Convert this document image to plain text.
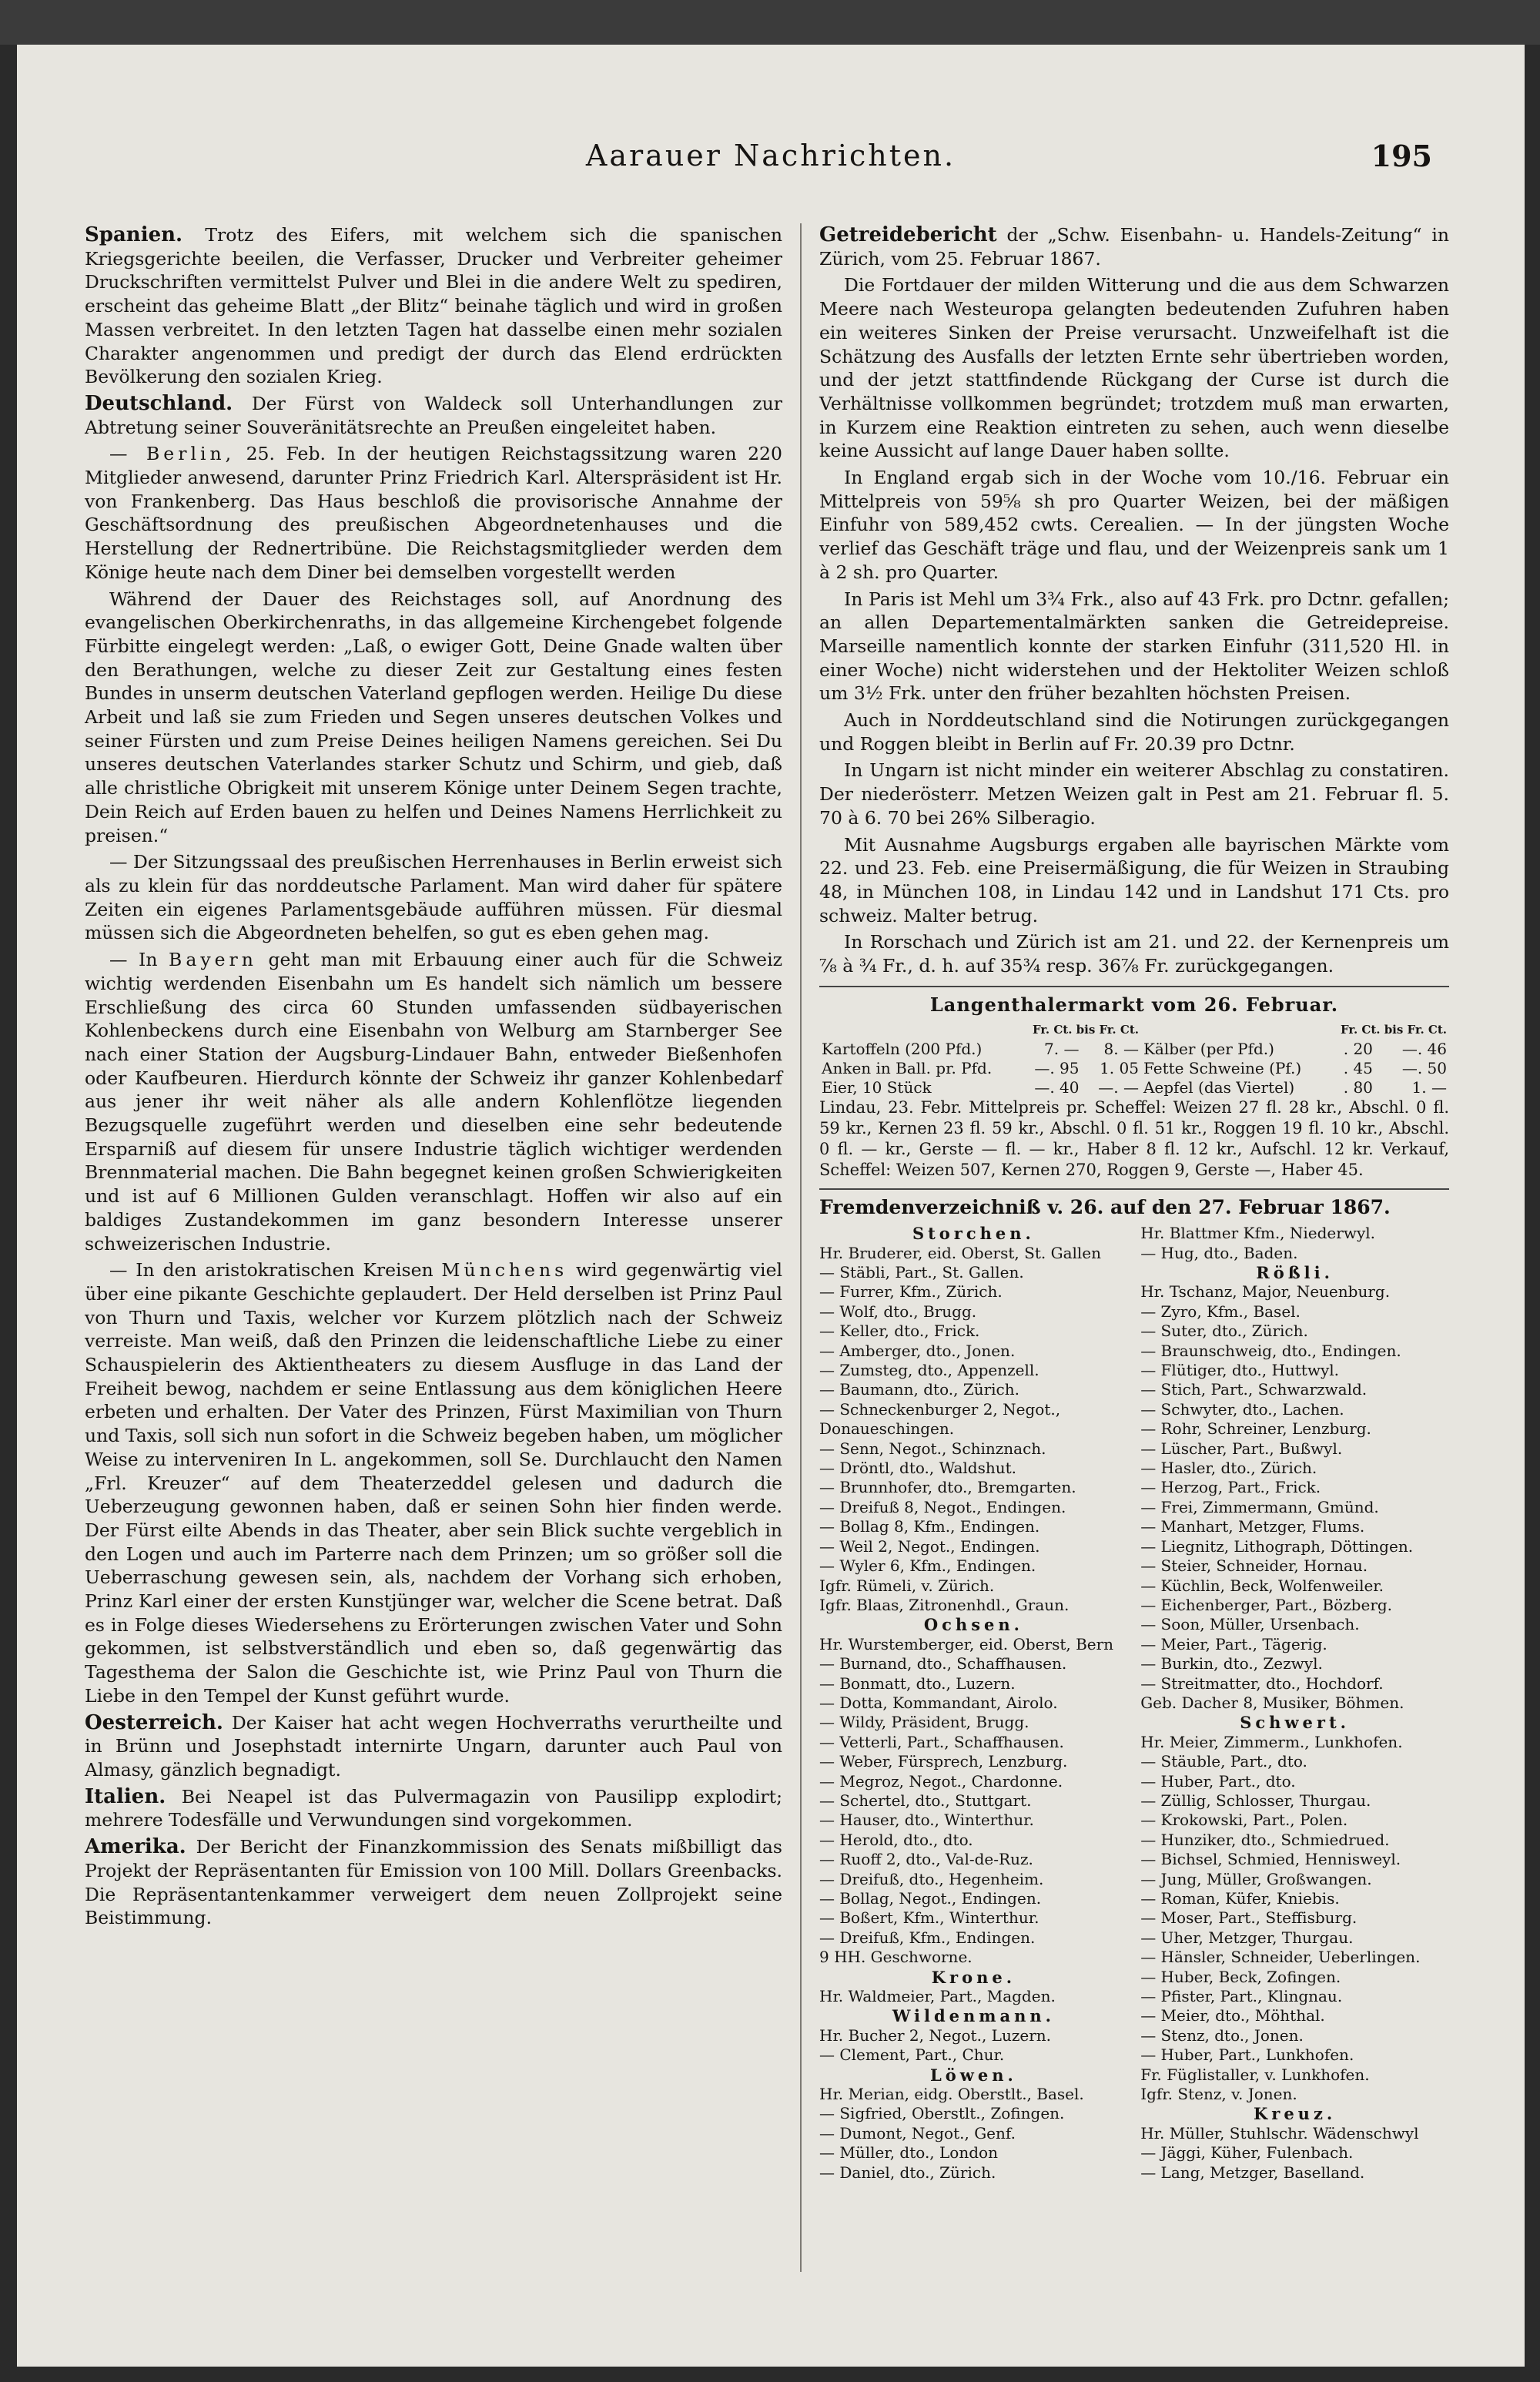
Aarauer Nachrichten.	195

Spanien. Trotz des Eifers, mit welchem sich die spanischen Kriegsgerichte beeilen, die Verfasser, Drucker und Verbreiter geheimer Druckschriften vermittelst Pulver und Blei in die andere Welt zu spediren, erscheint das geheime Blatt „der Blitz“ beinahe täglich und wird in großen Massen verbreitet. In den letzten Tagen hat dasselbe einen mehr sozialen Charakter angenommen und predigt der durch das Elend erdrückten Bevölkerung den sozialen Krieg.

Deutschland. Der Fürst von Waldeck soll Unterhandlungen zur Abtretung seiner Souveränitätsrechte an Preußen eingeleitet haben.

— Berlin, 25. Feb. In der heutigen Reichstagssitzung waren 220 Mitglieder anwesend, darunter Prinz Friedrich Karl. Alterspräsident ist Hr. von Frankenberg. Das Haus beschloß die provisorische Annahme der Geschäftsordnung des preußischen Abgeordnetenhauses und die Herstellung der Rednertribüne. Die Reichstagsmitglieder werden dem Könige heute nach dem Diner bei demselben vorgestellt werden

Während der Dauer des Reichstages soll, auf Anordnung des evangelischen Oberkirchenraths, in das allgemeine Kirchengebet folgende Fürbitte eingelegt werden: „Laß, o ewiger Gott, Deine Gnade walten über den Berathungen, welche zu dieser Zeit zur Gestaltung eines festen Bundes in unserm deutschen Vaterland gepflogen werden. Heilige Du diese Arbeit und laß sie zum Frieden und Segen unseres deutschen Volkes und seiner Fürsten und zum Preise Deines heiligen Namens gereichen. Sei Du unseres deutschen Vaterlandes starker Schutz und Schirm, und gieb, daß alle christliche Obrigkeit mit unserem Könige unter Deinem Segen trachte, Dein Reich auf Erden bauen zu helfen und Deines Namens Herrlichkeit zu preisen.“

— Der Sitzungssaal des preußischen Herrenhauses in Berlin erweist sich als zu klein für das norddeutsche Parlament. Man wird daher für spätere Zeiten ein eigenes Parlamentsgebäude aufführen müssen. Für diesmal müssen sich die Abgeordneten behelfen, so gut es eben gehen mag.

— In Bayern geht man mit Erbauung einer auch für die Schweiz wichtig werdenden Eisenbahn um Es handelt sich nämlich um bessere Erschließung des circa 60 Stunden umfassenden südbayerischen Kohlenbeckens durch eine Eisenbahn von Welburg am Starnberger See nach einer Station der Augsburg-Lindauer Bahn, entweder Bießenhofen oder Kaufbeuren. Hierdurch könnte der Schweiz ihr ganzer Kohlenbedarf aus jener ihr weit näher als alle andern Kohlenflötze liegenden Bezugsquelle zugeführt werden und dieselben eine sehr bedeutende Ersparniß auf diesem für unsere Industrie täglich wichtiger werdenden Brennmaterial machen. Die Bahn begegnet keinen großen Schwierigkeiten und ist auf 6 Millionen Gulden veranschlagt. Hoffen wir also auf ein baldiges Zustandekommen im ganz besondern Interesse unserer schweizerischen Industrie.

— In den aristokratischen Kreisen Münchens wird gegenwärtig viel über eine pikante Geschichte geplaudert. Der Held derselben ist Prinz Paul von Thurn und Taxis, welcher vor Kurzem plötzlich nach der Schweiz verreiste. Man weiß, daß den Prinzen die leidenschaftliche Liebe zu einer Schauspielerin des Aktientheaters zu diesem Ausfluge in das Land der Freiheit bewog, nachdem er seine Entlassung aus dem königlichen Heere erbeten und erhalten. Der Vater des Prinzen, Fürst Maximilian von Thurn und Taxis, soll sich nun sofort in die Schweiz begeben haben, um möglicher Weise zu interveniren In L. angekommen, soll Se. Durchlaucht den Namen „Frl. Kreuzer“ auf dem Theaterzeddel gelesen und dadurch die Ueberzeugung gewonnen haben, daß er seinen Sohn hier finden werde. Der Fürst eilte Abends in das Theater, aber sein Blick suchte vergeblich in den Logen und auch im Parterre nach dem Prinzen; um so größer soll die Ueberraschung gewesen sein, als, nachdem der Vorhang sich erhoben, Prinz Karl einer der ersten Kunstjünger war, welcher die Scene betrat. Daß es in Folge dieses Wiedersehens zu Erörterungen zwischen Vater und Sohn gekommen, ist selbstverständlich und eben so, daß gegenwärtig das Tagesthema der Salon die Geschichte ist, wie Prinz Paul von Thurn die Liebe in den Tempel der Kunst geführt wurde.

Oesterreich. Der Kaiser hat acht wegen Hochverraths verurtheilte und in Brünn und Josephstadt internirte Ungarn, darunter auch Paul von Almasy, gänzlich begnadigt.

Italien. Bei Neapel ist das Pulvermagazin von Pausilipp explodirt; mehrere Todesfälle und Verwundungen sind vorgekommen.

Amerika. Der Bericht der Finanzkommission des Senats mißbilligt das Projekt der Repräsentanten für Emission von 100 Mill. Dollars Greenbacks. Die Repräsentantenkammer verweigert dem neuen Zollprojekt seine Beistimmung.

Getreidebericht der „Schw. Eisenbahn- u. Handels-Zeitung“ in Zürich, vom 25. Februar 1867.

Die Fortdauer der milden Witterung und die aus dem Schwarzen Meere nach Westeuropa gelangten bedeutenden Zufuhren haben ein weiteres Sinken der Preise verursacht. Unzweifelhaft ist die Schätzung des Ausfalls der letzten Ernte sehr übertrieben worden, und der jetzt stattfindende Rückgang der Curse ist durch die Verhältnisse vollkommen begründet; trotzdem muß man erwarten, in Kurzem eine Reaktion eintreten zu sehen, auch wenn dieselbe keine Aussicht auf lange Dauer haben sollte.

In England ergab sich in der Woche vom 10./16. Februar ein Mittelpreis von 59⅝ sh pro Quarter Weizen, bei der mäßigen Einfuhr von 589,452 cwts. Cerealien. — In der jüngsten Woche verlief das Geschäft träge und flau, und der Weizenpreis sank um 1 à 2 sh. pro Quarter.

In Paris ist Mehl um 3¾ Frk., also auf 43 Frk. pro Dctnr. gefallen; an allen Departementalmärkten sanken die Getreidepreise. Marseille namentlich konnte der starken Einfuhr (311,520 Hl. in einer Woche) nicht widerstehen und der Hektoliter Weizen schloß um 3½ Frk. unter den früher bezahlten höchsten Preisen.

Auch in Norddeutschland sind die Notirungen zurückgegangen und Roggen bleibt in Berlin auf Fr. 20.39 pro Dctnr.

In Ungarn ist nicht minder ein weiterer Abschlag zu constatiren. Der niederösterr. Metzen Weizen galt in Pest am 21. Februar fl. 5. 70 à 6. 70 bei 26% Silberagio.

Mit Ausnahme Augsburgs ergaben alle bayrischen Märkte vom 22. und 23. Feb. eine Preisermäßigung, die für Weizen in Straubing 48, in München 108, in Lindau 142 und in Landshut 171 Cts. pro schweiz. Malter betrug.

In Rorschach und Zürich ist am 21. und 22. der Kernenpreis um ⅞ à ¾ Fr., d. h. auf 35¾ resp. 36⅞ Fr. zurückgegangen.

Langenthalermarkt vom 26. Februar.
	Fr. Ct. bis Fr. Ct.			Fr. Ct. bis Fr. Ct.	
Kartoffeln (200 Pfd.)	7. —	8. —	Kälber (per Pfd.)	. 20	—. 46
Anken in Ball. pr. Pfd.	—. 95	1. 05	Fette Schweine (Pf.)	. 45	—. 50
Eier, 10 Stück	—. 40	—. —	Aepfel (das Viertel)	. 80	1. —

Lindau, 23. Febr. Mittelpreis pr. Scheffel: Weizen 27 fl. 28 kr., Abschl. 0 fl. 59 kr., Kernen 23 fl. 59 kr., Abschl. 0 fl. 51 kr., Roggen 19 fl. 10 kr., Abschl. 0 fl. — kr., Gerste — fl. — kr., Haber 8 fl. 12 kr., Aufschl. 12 kr. Verkauf, Scheffel: Weizen 507, Kernen 270, Roggen 9, Gerste —, Haber 45.

Fremdenverzeichniß v. 26. auf den 27. Februar 1867.
Storchen.
Hr. Bruderer, eid. Oberst, St. Gallen
— Stäbli, Part., St. Gallen.
— Furrer, Kfm., Zürich.
— Wolf, dto., Brugg.
— Keller, dto., Frick.
— Amberger, dto., Jonen.
— Zumsteg, dto., Appenzell.
— Baumann, dto., Zürich.
— Schneckenburger 2, Negot.,
Donaueschingen.
— Senn, Negot., Schinznach.
— Dröntl, dto., Waldshut.
— Brunnhofer, dto., Bremgarten.
— Dreifuß 8, Negot., Endingen.
— Bollag 8, Kfm., Endingen.
— Weil 2, Negot., Endingen.
— Wyler 6, Kfm., Endingen.
Igfr. Rümeli, v. Zürich.
Igfr. Blaas, Zitronenhdl., Graun.
Ochsen.
Hr. Wurstemberger, eid. Oberst, Bern
— Burnand, dto., Schaffhausen.
— Bonmatt, dto., Luzern.
— Dotta, Kommandant, Airolo.
— Wildy, Präsident, Brugg.
— Vetterli, Part., Schaffhausen.
— Weber, Fürsprech, Lenzburg.
— Megroz, Negot., Chardonne.
— Schertel, dto., Stuttgart.
— Hauser, dto., Winterthur.
— Herold, dto., dto.
— Ruoff 2, dto., Val-de-Ruz.
— Dreifuß, dto., Hegenheim.
— Bollag, Negot., Endingen.
— Boßert, Kfm., Winterthur.
— Dreifuß, Kfm., Endingen.
9 HH. Geschworne.
Krone.
Hr. Waldmeier, Part., Magden.
Wildenmann.
Hr. Bucher 2, Negot., Luzern.
— Clement, Part., Chur.
Löwen.
Hr. Merian, eidg. Oberstlt., Basel.
— Sigfried, Oberstlt., Zofingen.
— Dumont, Negot., Genf.
— Müller, dto., London
— Daniel, dto., Zürich.
Hr. Blattmer Kfm., Niederwyl.
— Hug, dto., Baden.
Rößli.
Hr. Tschanz, Major, Neuenburg.
— Zyro, Kfm., Basel.
— Suter, dto., Zürich.
— Braunschweig, dto., Endingen.
— Flütiger, dto., Huttwyl.
— Stich, Part., Schwarzwald.
— Schwyter, dto., Lachen.
— Rohr, Schreiner, Lenzburg.
— Lüscher, Part., Bußwyl.
— Hasler, dto., Zürich.
— Herzog, Part., Frick.
— Frei, Zimmermann, Gmünd.
— Manhart, Metzger, Flums.
— Liegnitz, Lithograph, Döttingen.
— Steier, Schneider, Hornau.
— Küchlin, Beck, Wolfenweiler.
— Eichenberger, Part., Bözberg.
— Soon, Müller, Ursenbach.
— Meier, Part., Tägerig.
— Burkin, dto., Zezwyl.
— Streitmatter, dto., Hochdorf.
Geb. Dacher 8, Musiker, Böhmen.
Schwert.
Hr. Meier, Zimmerm., Lunkhofen.
— Stäuble, Part., dto.
— Huber, Part., dto.
— Züllig, Schlosser, Thurgau.
— Krokowski, Part., Polen.
— Hunziker, dto., Schmiedrued.
— Bichsel, Schmied, Hennisweyl.
— Jung, Müller, Großwangen.
— Roman, Küfer, Kniebis.
— Moser, Part., Steffisburg.
— Uher, Metzger, Thurgau.
— Hänsler, Schneider, Ueberlingen.
— Huber, Beck, Zofingen.
— Pfister, Part., Klingnau.
— Meier, dto., Möhthal.
— Stenz, dto., Jonen.
— Huber, Part., Lunkhofen.
Fr. Füglistaller, v. Lunkhofen.
Igfr. Stenz, v. Jonen.
Kreuz.
Hr. Müller, Stuhlschr. Wädenschwyl
— Jäggi, Küher, Fulenbach.
— Lang, Metzger, Baselland.
